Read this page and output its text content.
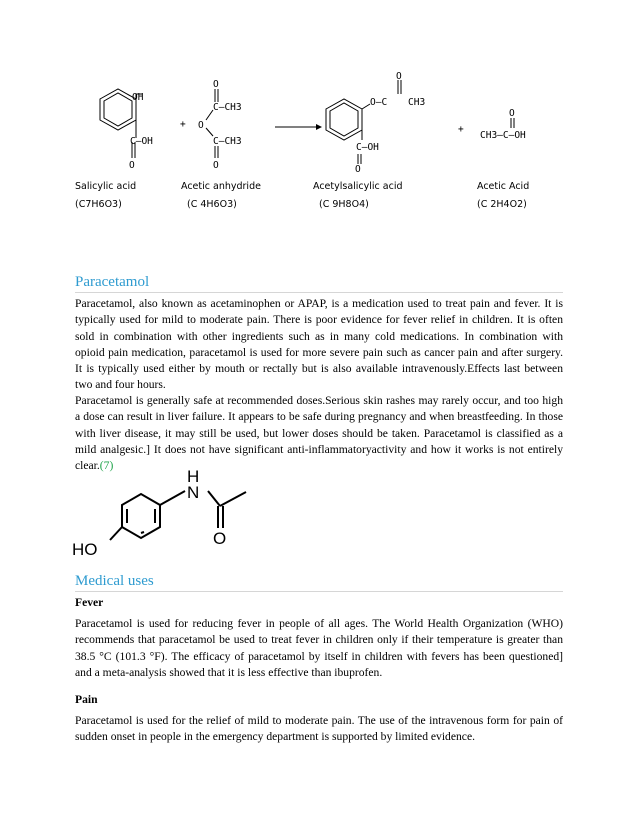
OH
C—OH
O
+
O
C—CH3
O
C—CH3
O
O
O—C CH3
C—OH
O
+
O
CH3—C—OH
Salicylic acid
(C7H6O3)
Acetic anhydride
(C 4H6O3)
Acetylsalicylic acid
(C 9H8O4)
Acetic Acid
(C 2H4O2)
Paracetamol

Paracetamol, also known as acetaminophen or APAP, is a medication used to treat pain and fever. It is typically used for mild to moderate pain. There is poor evidence for fever relief in children. It is often sold in combination with other ingredients such as in many cold medications. In combination with opioid pain medication, paracetamol is used for more severe pain such as cancer pain and after surgery. It is typically used either by mouth or rectally but is also available intravenously.Effects last between two and four hours.

Paracetamol is generally safe at recommended doses.Serious skin rashes may rarely occur, and too high a dose can result in liver failure. It appears to be safe during pregnancy and when breastfeeding. In those with liver disease, it may still be used, but lower doses should be taken. Paracetamol is classified as a mild analgesic.] It does not have significant anti-inflammatoryactivity and how it works is not entirely clear.(7)

H
N
O
HO
Medical uses

Fever

Paracetamol is used for reducing fever in people of all ages. The World Health Organization (WHO) recommends that paracetamol be used to treat fever in children only if their temperature is greater than 38.5 °C (101.3 °F). The efficacy of paracetamol by itself in children with fevers has been questioned] and a meta-analysis showed that it is less effective than ibuprofen.

Pain

Paracetamol is used for the relief of mild to moderate pain. The use of the intravenous form for pain of sudden onset in people in the emergency department is supported by limited evidence.
